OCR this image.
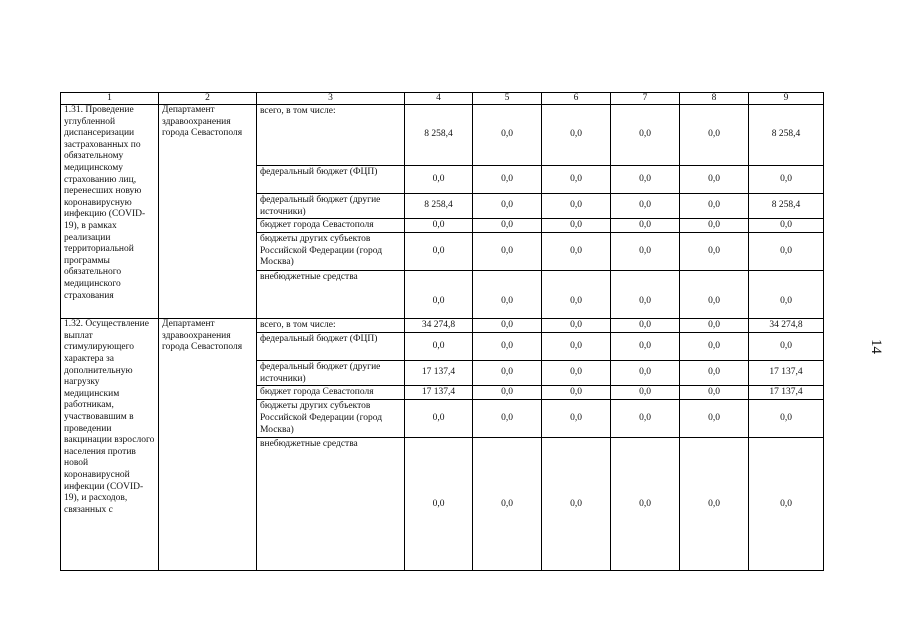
1	2	3	4	5	6	7	8	9
1.31. Проведение углубленной диспансеризации застрахованных по обязательному медицинскому страхованию лиц, перенесших новую коронавирусную инфекцию (COVID-19), в рамках реализации территориальной программы обязательного медицинского страхования	Департамент здравоохранения города Севастополя	всего, в том числе:	8 258,4	0,0	0,0	0,0	0,0	8 258,4
		федеральный бюджет (ФЦП)	0,0	0,0	0,0	0,0	0,0	0,0
		федеральный бюджет (другие источники)	8 258,4	0,0	0,0	0,0	0,0	8 258,4
		бюджет города Севастополя	0,0	0,0	0,0	0,0	0,0	0,0
		бюджеты других субъектов Российской Федерации (город Москва)	0,0	0,0	0,0	0,0	0,0	0,0
		внебюджетные средства	0,0	0,0	0,0	0,0	0,0	0,0
1.32. Осуществление выплат стимулирующего характера за дополнительную нагрузку медицинским работникам, участвовавшим в проведении вакцинации взрослого населения против новой коронавирусной инфекции (COVID-19), и расходов, связанных с	Департамент здравоохранения города Севастополя	всего, в том числе:	34 274,8	0,0	0,0	0,0	0,0	34 274,8
		федеральный бюджет (ФЦП)	0,0	0,0	0,0	0,0	0,0	0,0
		федеральный бюджет (другие источники)	17 137,4	0,0	0,0	0,0	0,0	17 137,4
		бюджет города Севастополя	17 137,4	0,0	0,0	0,0	0,0	17 137,4
		бюджеты других субъектов Российской Федерации (город Москва)	0,0	0,0	0,0	0,0	0,0	0,0
		внебюджетные средства	0,0	0,0	0,0	0,0	0,0	0,0
14
